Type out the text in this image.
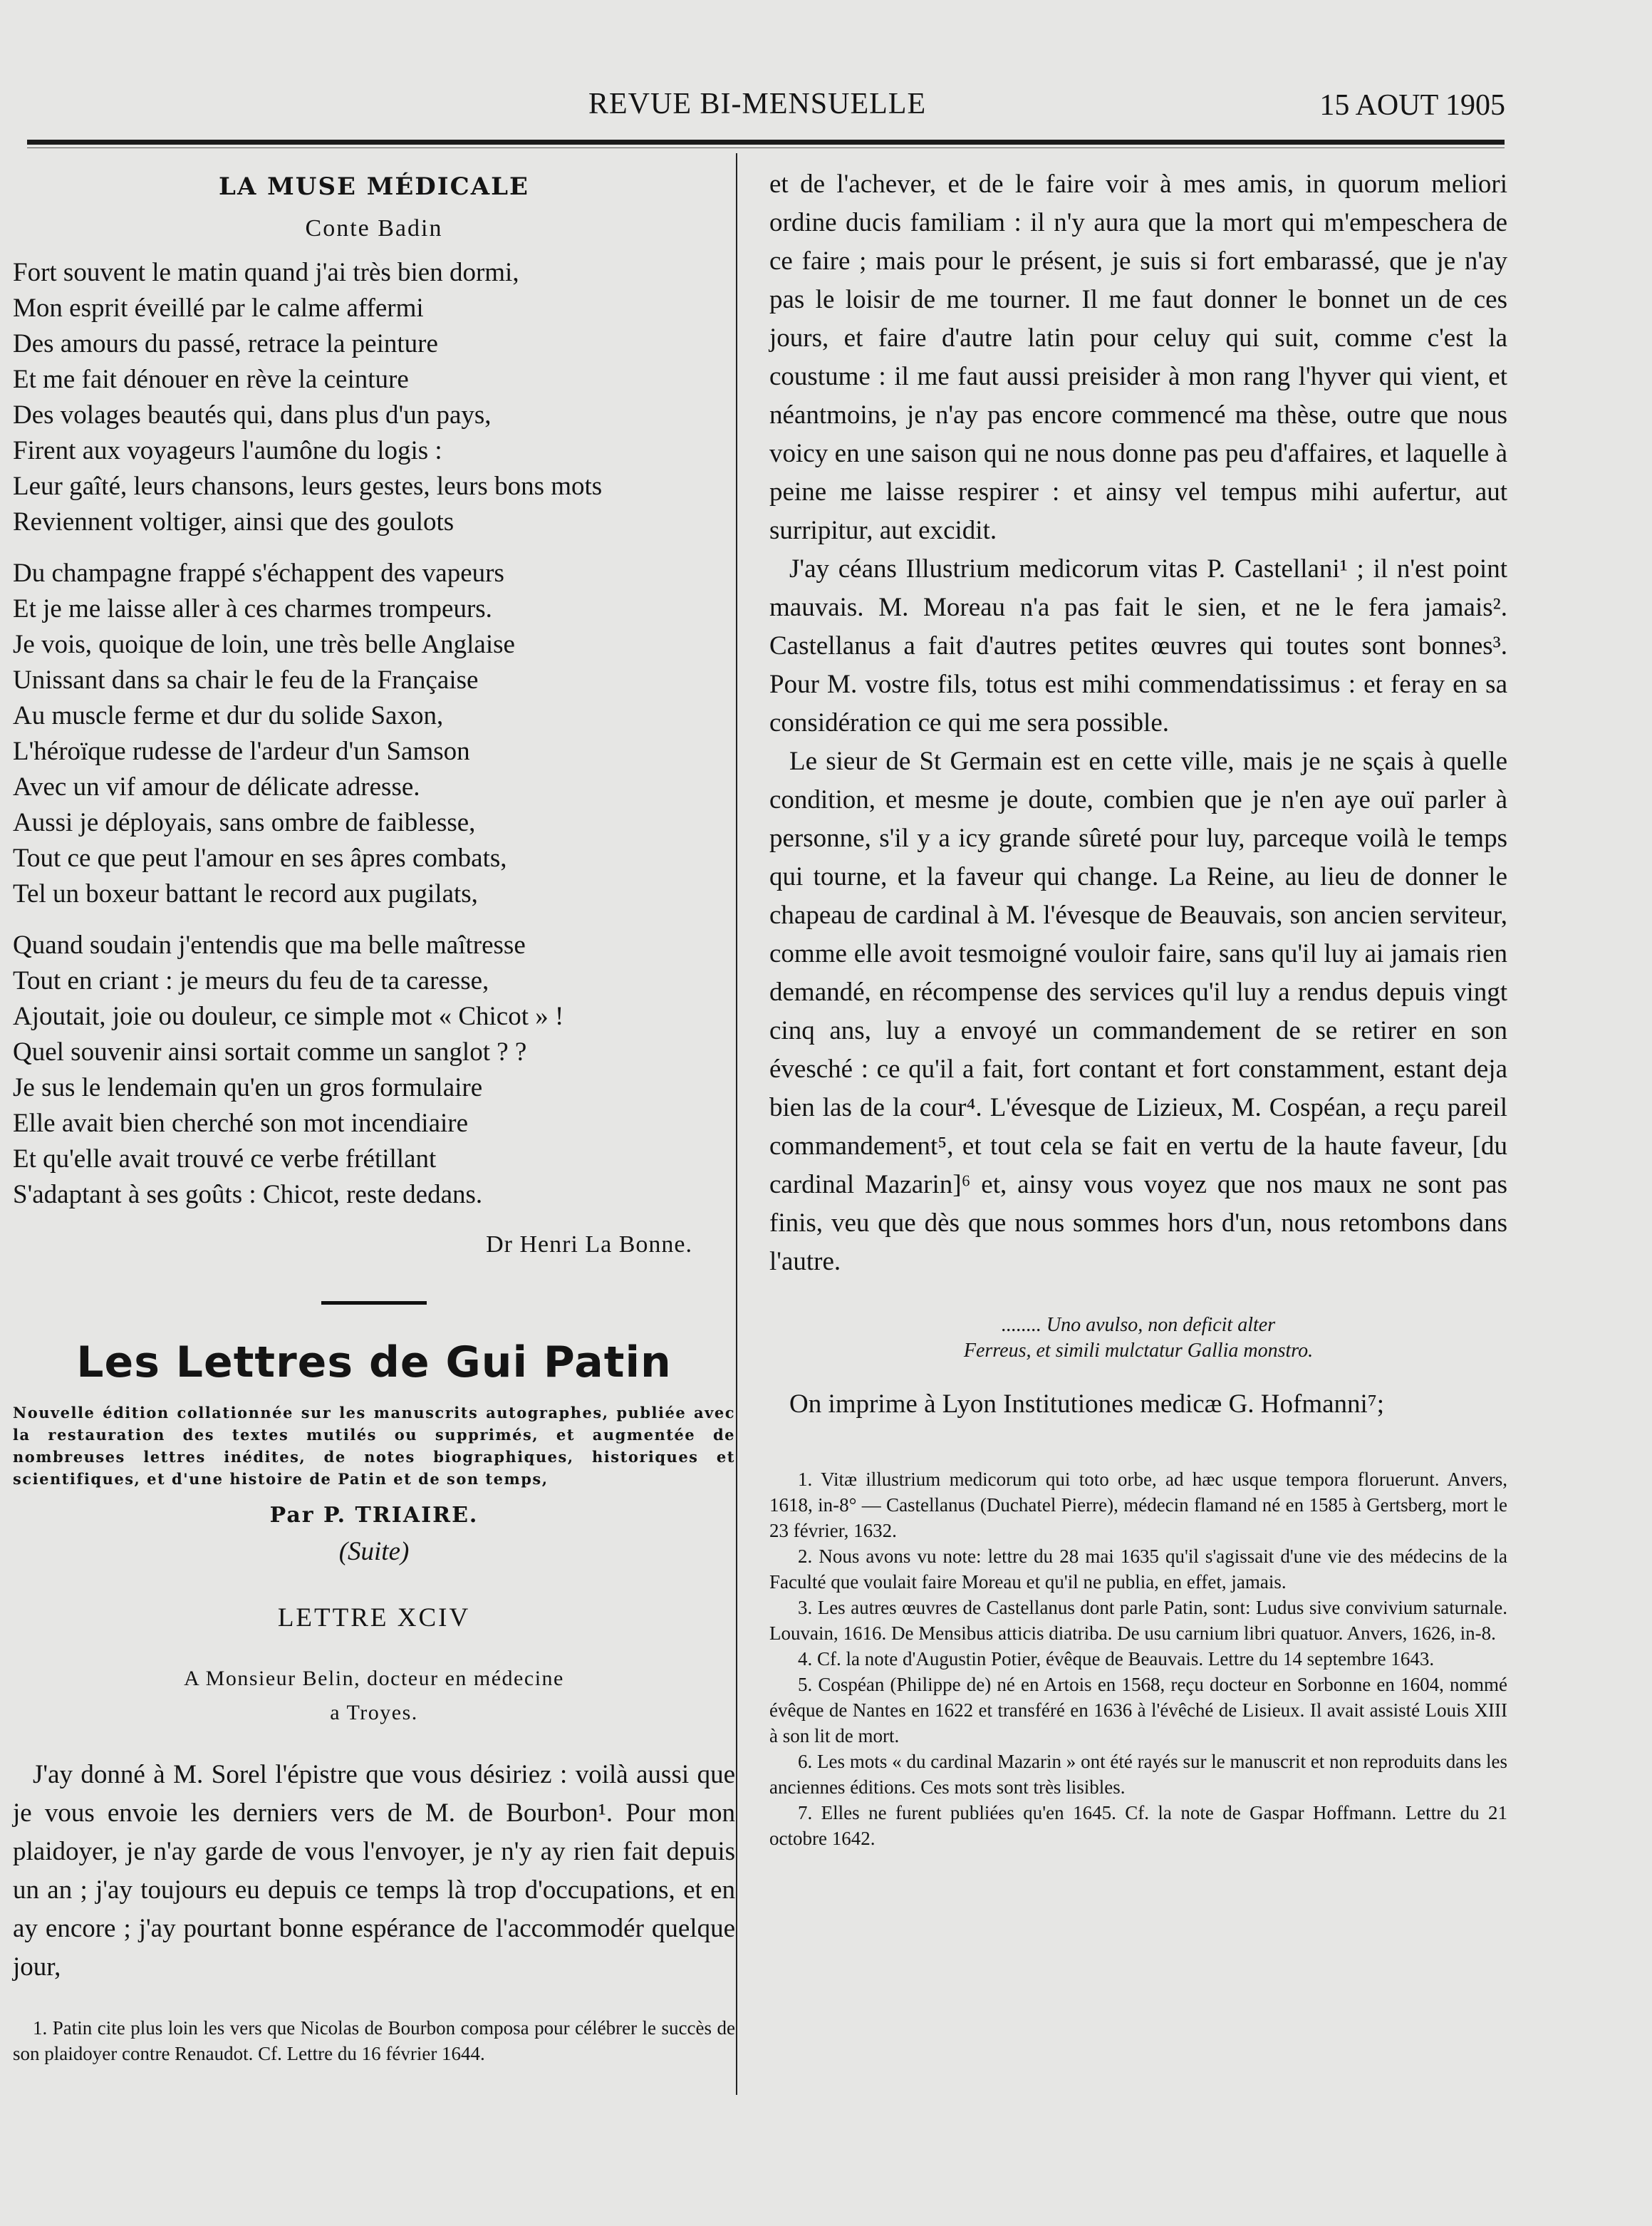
REVUE BI-MENSUELLE	15 AOUT 1905
LA MUSE MÉDICALE
Conte Badin

Fort souvent le matin quand j'ai très bien dormi,

Mon esprit éveillé par le calme affermi

Des amours du passé, retrace la peinture

Et me fait dénouer en rève la ceinture

Des volages beautés qui, dans plus d'un pays,

Firent aux voyageurs l'aumône du logis :

Leur gaîté, leurs chansons, leurs gestes, leurs bons mots

Reviennent voltiger, ainsi que des goulots

Du champagne frappé s'échappent des vapeurs

Et je me laisse aller à ces charmes trompeurs.

Je vois, quoique de loin, une très belle Anglaise

Unissant dans sa chair le feu de la Française

Au muscle ferme et dur du solide Saxon,

L'héroïque rudesse de l'ardeur d'un Samson

Avec un vif amour de délicate adresse.

Aussi je déployais, sans ombre de faiblesse,

Tout ce que peut l'amour en ses âpres combats,

Tel un boxeur battant le record aux pugilats,

Quand soudain j'entendis que ma belle maîtresse

Tout en criant : je meurs du feu de ta caresse,

Ajoutait, joie ou douleur, ce simple mot « Chicot » !

Quel souvenir ainsi sortait comme un sanglot ? ?

Je sus le lendemain qu'en un gros formulaire

Elle avait bien cherché son mot incendiaire

Et qu'elle avait trouvé ce verbe frétillant

S'adaptant à ses goûts : Chicot, reste dedans.

Dr Henri La Bonne.
Les Lettres de Gui Patin
Nouvelle édition collationnée sur les manuscrits autographes, publiée avec la restauration des textes mutilés ou supprimés, et augmentée de nombreuses lettres inédites, de notes biographiques, historiques et scientifiques, et d'une histoire de Patin et de son temps,
Par P. TRIAIRE.
(Suite)
LETTRE XCIV
A Monsieur Belin, docteur en médecine
a Troyes.

J'ay donné à M. Sorel l'épistre que vous désiriez : voilà aussi que je vous envoie les derniers vers de M. de Bourbon¹. Pour mon plaidoyer, je n'ay garde de vous l'envoyer, je n'y ay rien fait depuis un an ; j'ay toujours eu depuis ce temps là trop d'occupations, et en ay encore ; j'ay pourtant bonne espérance de l'accommodér quelque jour,

1. Patin cite plus loin les vers que Nicolas de Bourbon composa pour célébrer le succès de son plaidoyer contre Renaudot. Cf. Lettre du 16 février 1644.

et de l'achever, et de le faire voir à mes amis, in quorum meliori ordine ducis familiam : il n'y aura que la mort qui m'empeschera de ce faire ; mais pour le présent, je suis si fort embarassé, que je n'ay pas le loisir de me tourner. Il me faut donner le bonnet un de ces jours, et faire d'autre latin pour celuy qui suit, comme c'est la coustume : il me faut aussi preisider à mon rang l'hyver qui vient, et néantmoins, je n'ay pas encore commencé ma thèse, outre que nous voicy en une saison qui ne nous donne pas peu d'affaires, et laquelle à peine me laisse respirer : et ainsy vel tempus mihi aufertur, aut surripitur, aut excidit.

J'ay céans Illustrium medicorum vitas P. Castellani¹ ; il n'est point mauvais. M. Moreau n'a pas fait le sien, et ne le fera jamais². Castellanus a fait d'autres petites œuvres qui toutes sont bonnes³. Pour M. vostre fils, totus est mihi commendatissimus : et feray en sa considération ce qui me sera possible.

Le sieur de St Germain est en cette ville, mais je ne sçais à quelle condition, et mesme je doute, combien que je n'en aye ouï parler à personne, s'il y a icy grande sûreté pour luy, parceque voilà le temps qui tourne, et la faveur qui change. La Reine, au lieu de donner le chapeau de cardinal à M. l'évesque de Beauvais, son ancien serviteur, comme elle avoit tesmoigné vouloir faire, sans qu'il luy ai jamais rien demandé, en récompense des services qu'il luy a rendus depuis vingt cinq ans, luy a envoyé un commandement de se retirer en son évesché : ce qu'il a fait, fort contant et fort constamment, estant deja bien las de la cour⁴. L'évesque de Lizieux, M. Cospéan, a reçu pareil commandement⁵, et tout cela se fait en vertu de la haute faveur, [du cardinal Mazarin]⁶ et, ainsy vous voyez que nos maux ne sont pas finis, veu que dès que nous sommes hors d'un, nous retombons dans l'autre.

........ Uno avulso, non deficit alter
Ferreus, et simili mulctatur Gallia monstro.

On imprime à Lyon Institutiones medicæ G. Hofmanni⁷;

1. Vitæ illustrium medicorum qui toto orbe, ad hæc usque tempora floruerunt. Anvers, 1618, in-8° — Castellanus (Duchatel Pierre), médecin flamand né en 1585 à Gertsberg, mort le 23 février, 1632.

2. Nous avons vu note: lettre du 28 mai 1635 qu'il s'agissait d'une vie des médecins de la Faculté que voulait faire Moreau et qu'il ne publia, en effet, jamais.

3. Les autres œuvres de Castellanus dont parle Patin, sont: Ludus sive convivium saturnale. Louvain, 1616. De Mensibus atticis diatriba. De usu carnium libri quatuor. Anvers, 1626, in-8.

4. Cf. la note d'Augustin Potier, évêque de Beauvais. Lettre du 14 septembre 1643.

5. Cospéan (Philippe de) né en Artois en 1568, reçu docteur en Sorbonne en 1604, nommé évêque de Nantes en 1622 et transféré en 1636 à l'évêché de Lisieux. Il avait assisté Louis XIII à son lit de mort.

6. Les mots « du cardinal Mazarin » ont été rayés sur le manuscrit et non reproduits dans les anciennes éditions. Ces mots sont très lisibles.

7. Elles ne furent publiées qu'en 1645. Cf. la note de Gaspar Hoffmann. Lettre du 21 octobre 1642.
